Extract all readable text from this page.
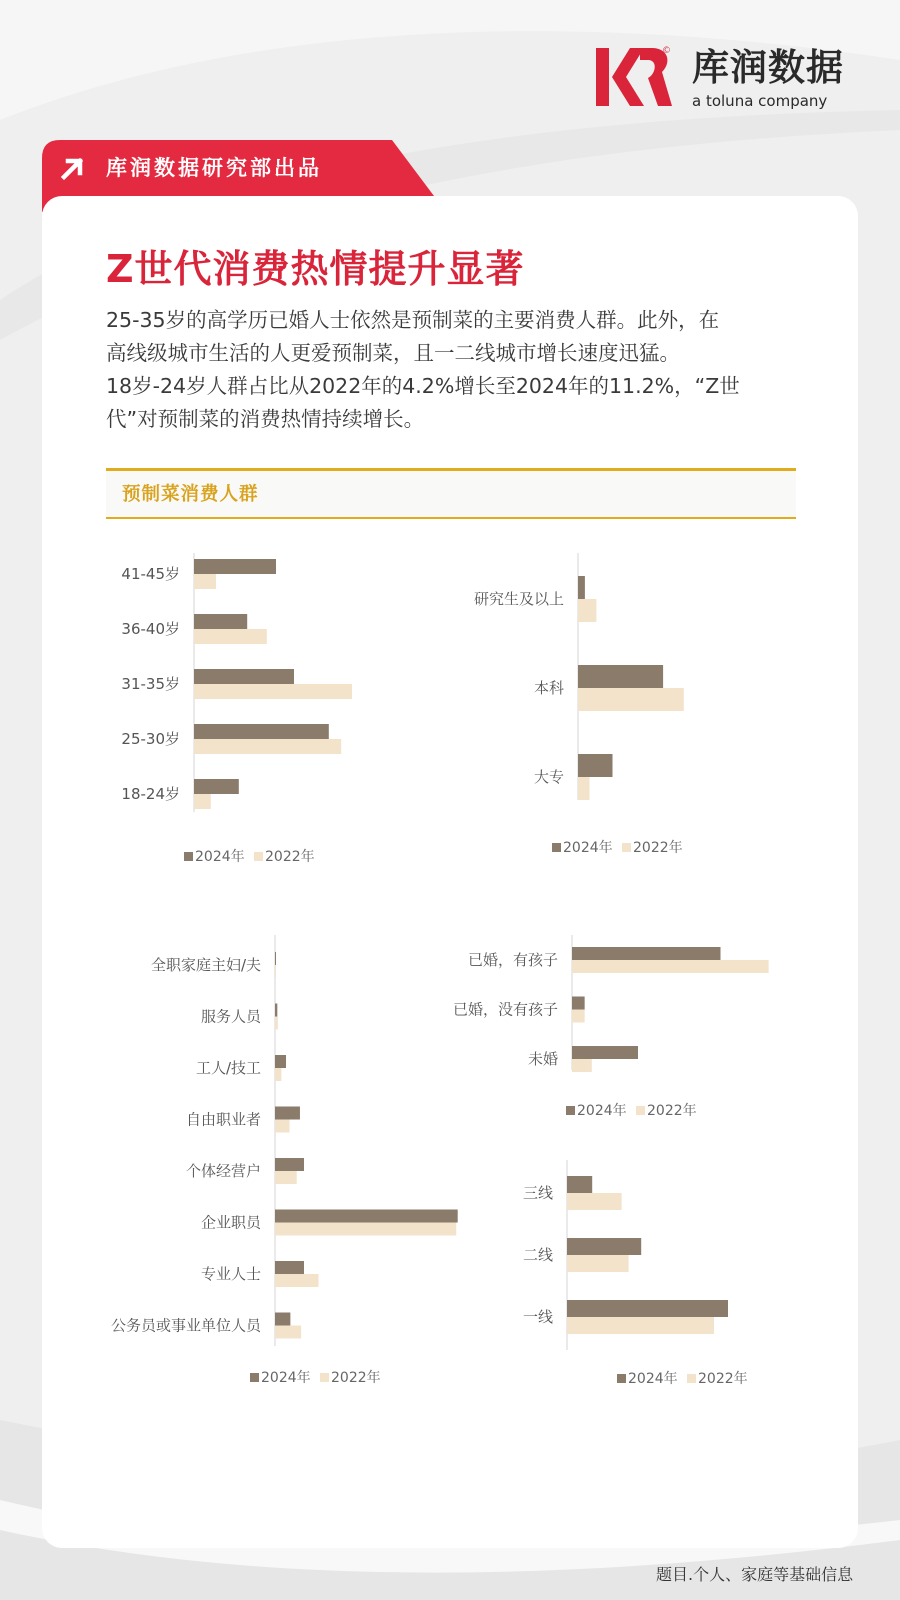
© 库润数据
a toluna company
库润数据研究部出品
Z世代消费热情提升显著
25-35岁的高学历已婚人士依然是预制菜的主要消费人群。此外，在
高线级城市生活的人更爱预制菜，且一二线城市增长速度迅猛。
18岁-24岁人群占比从2022年的4.2%增长至2024年的11.2%，“Z世
代”对预制菜的消费热情持续增长。
预制菜消费人群
41-45岁
36-40岁
31-35岁
25-30岁
18-24岁
2024年 2022年
研究生及以上
本科
大专
2024年 2022年
全职家庭主妇/夫
服务人员
工人/技工
自由职业者
个体经营户
企业职员
专业人士
公务员或事业单位人员
2024年 2022年
已婚，有孩子
已婚，没有孩子
未婚
2024年 2022年
三线
二线
一线
2024年 2022年
题目.个人、家庭等基础信息
